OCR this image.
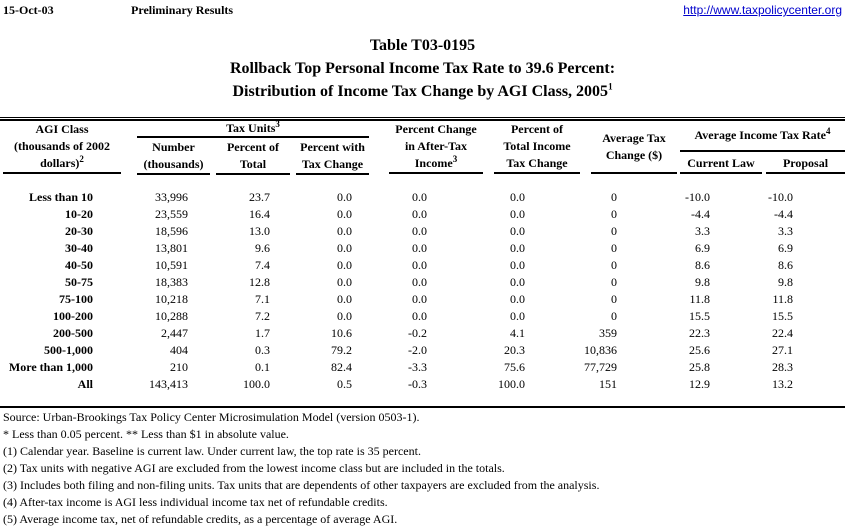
15-Oct-03	Preliminary Results	http://www.taxpolicycenter.org
Table T03-0195
Rollback Top Personal Income Tax Rate to 39.6 Percent:
Distribution of Income Tax Change by AGI Class, 2005$^1$
AGI Class
(thousands of 2002
dollars)$^2$
Tax Units$^3$
Number
(thousands)
Percent of
Total
Percent with
Tax Change
Percent Change
in After-Tax
Income$^3$
Percent of
Total Income
Tax Change
Average Tax
Change ($)
Average Income Tax Rate$^4$
Current Law	Proposal
Less than 10	33,996	23.7	0.0	0.0	0.0	0	-10.0	-10.0
10-20	23,559	16.4	0.0	0.0	0.0	0	-4.4	-4.4
20-30	18,596	13.0	0.0	0.0	0.0	0	3.3	3.3
30-40	13,801	9.6	0.0	0.0	0.0	0	6.9	6.9
40-50	10,591	7.4	0.0	0.0	0.0	0	8.6	8.6
50-75	18,383	12.8	0.0	0.0	0.0	0	9.8	9.8
75-100	10,218	7.1	0.0	0.0	0.0	0	11.8	11.8
100-200	10,288	7.2	0.0	0.0	0.0	0	15.5	15.5
200-500	2,447	1.7	10.6	-0.2	4.1	359	22.3	22.4
500-1,000	404	0.3	79.2	-2.0	20.3	10,836	25.6	27.1
More than 1,000	210	0.1	82.4	-3.3	75.6	77,729	25.8	28.3
All	143,413	100.0	0.5	-0.3	100.0	151	12.9	13.2
Source: Urban-Brookings Tax Policy Center Microsimulation Model (version 0503-1).
* Less than 0.05 percent. ** Less than $1 in absolute value.
(1) Calendar year. Baseline is current law. Under current law, the top rate is 35 percent.
(2) Tax units with negative AGI are excluded from the lowest income class but are included in the totals.
(3) Includes both filing and non-filing units. Tax units that are dependents of other taxpayers are excluded from the analysis.
(4) After-tax income is AGI less individual income tax net of refundable credits.
(5) Average income tax, net of refundable credits, as a percentage of average AGI.
